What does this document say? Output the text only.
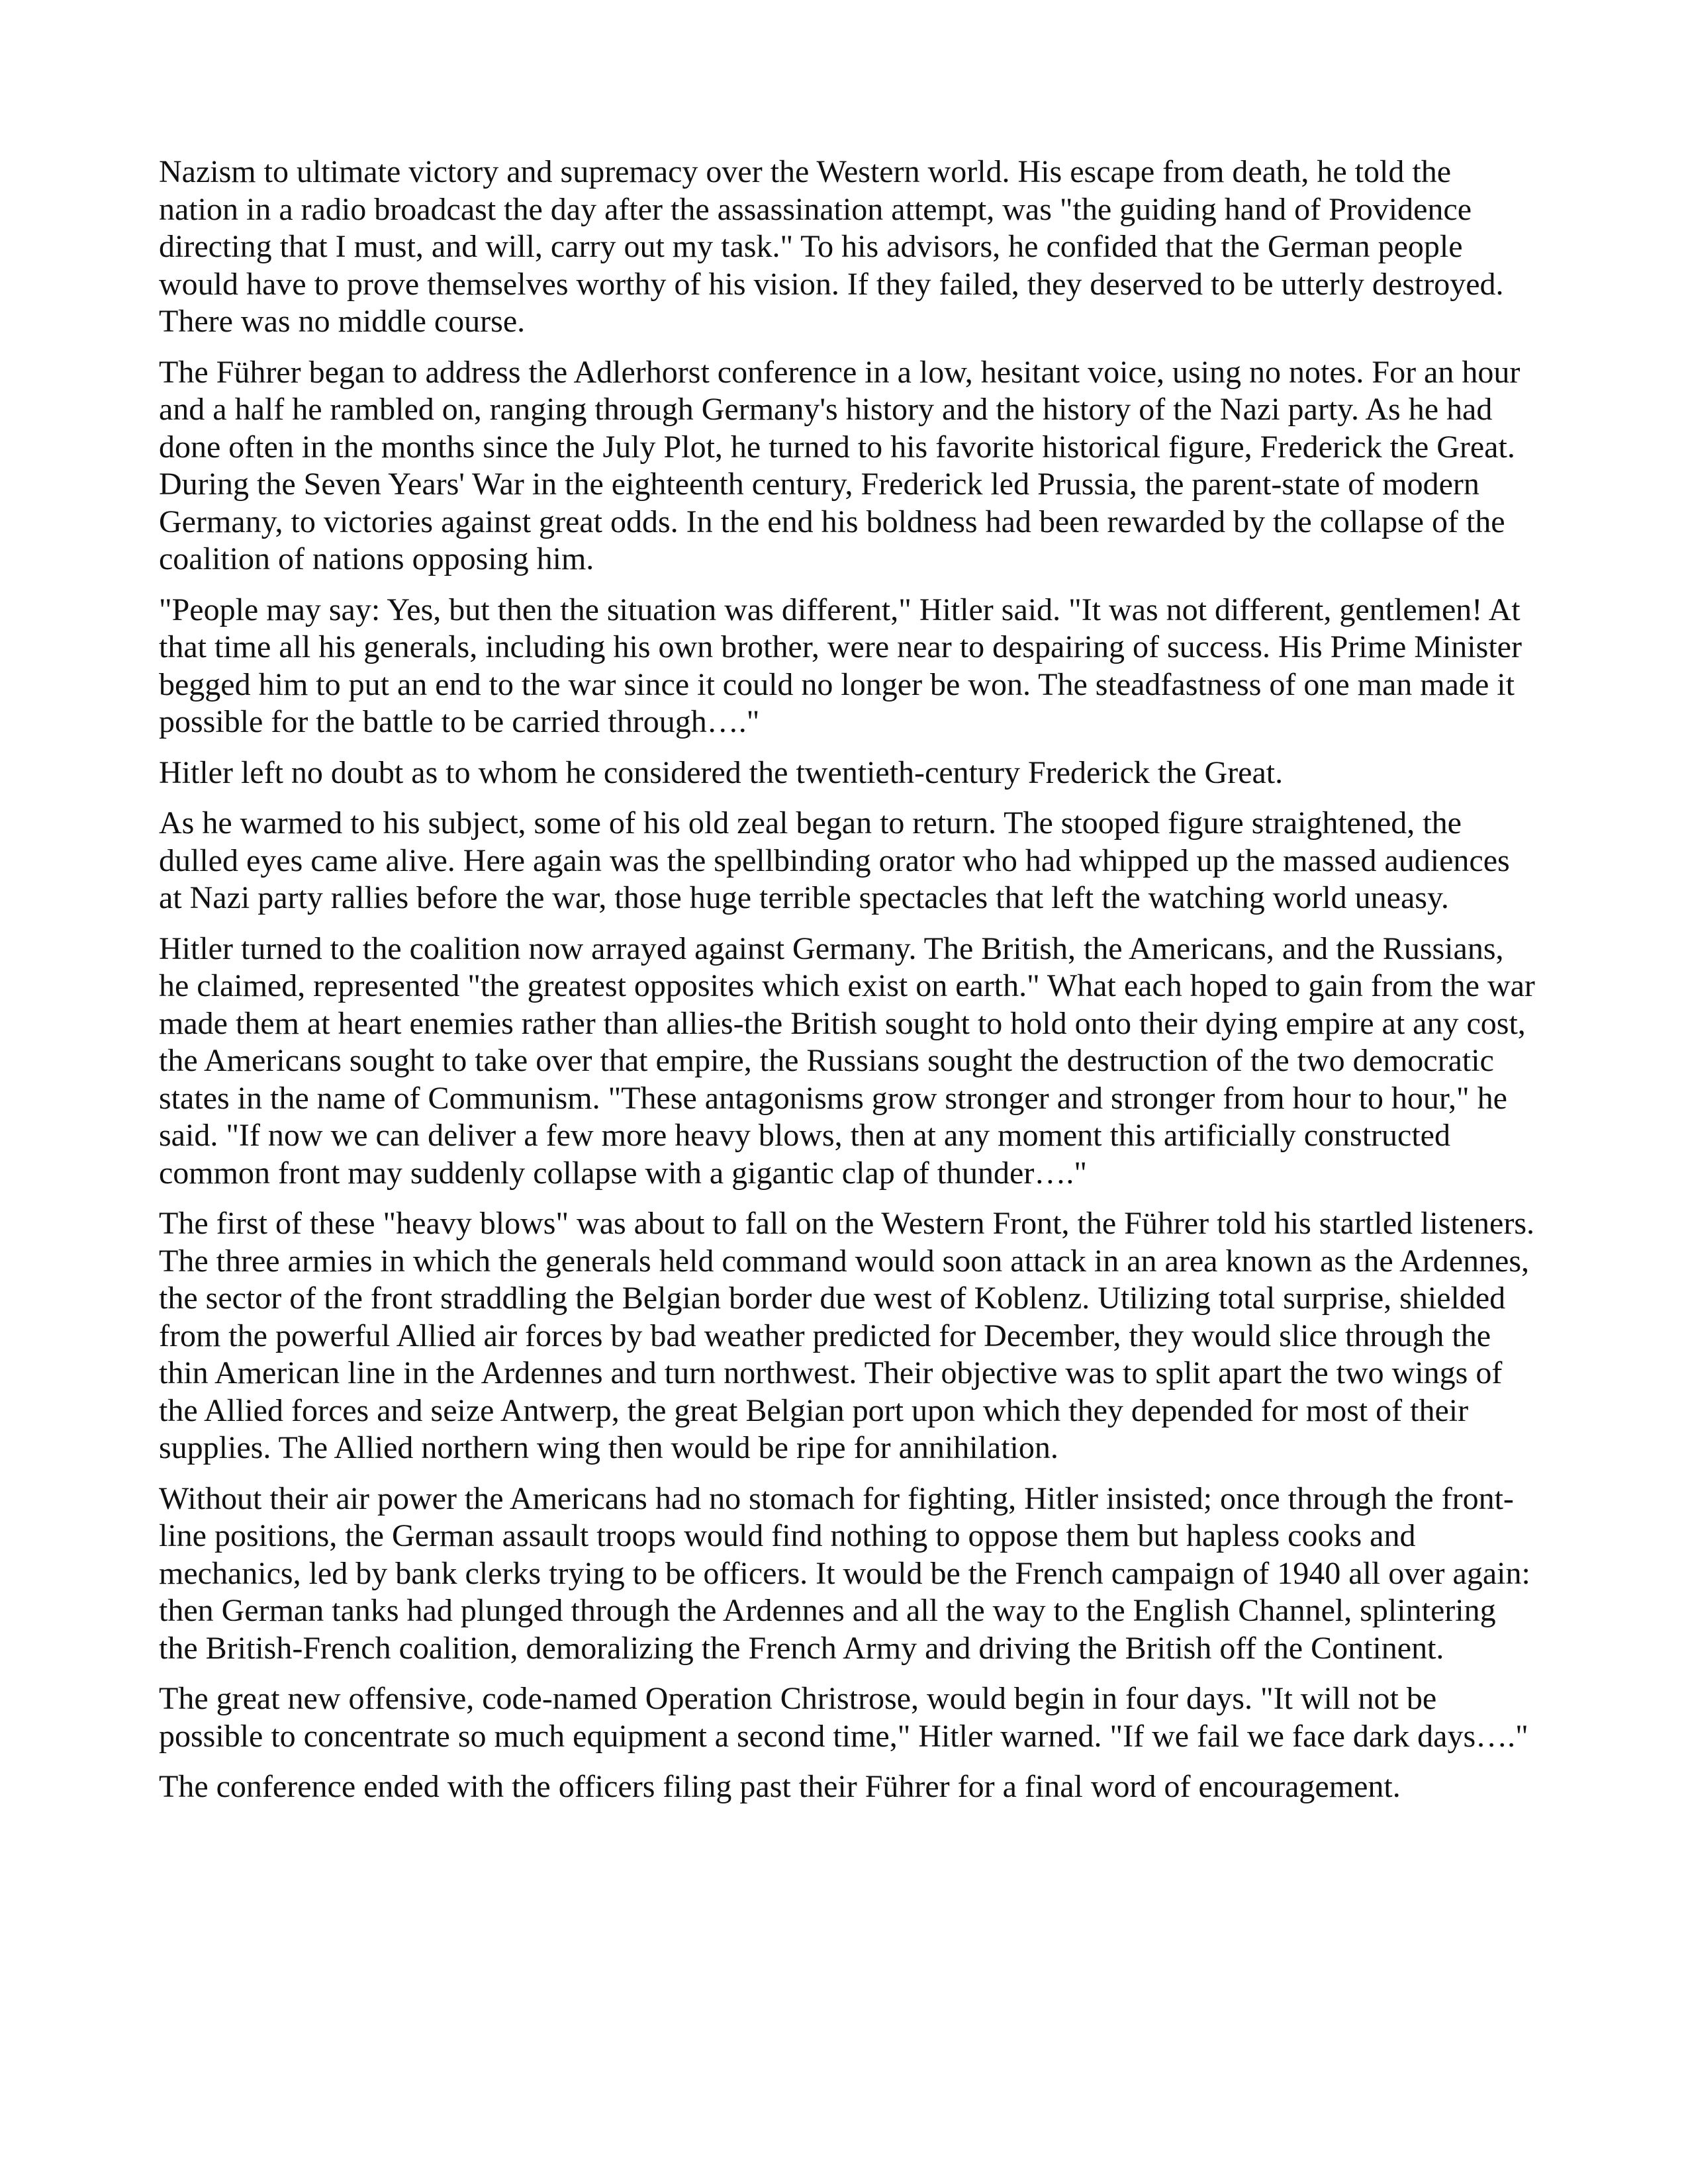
Nazism to ultimate victory and supremacy over the Western world. His escape from death, he told the nation in a radio broadcast the day after the assassination attempt, was "the guiding hand of Providence directing that I must, and will, carry out my task." To his advisors, he confided that the German people would have to prove themselves worthy of his vision. If they failed, they deserved to be utterly destroyed. There was no middle course.

The Führer began to address the Adlerhorst conference in a low, hesitant voice, using no notes. For an hour and a half he rambled on, ranging through Germany's history and the history of the Nazi party. As he had done often in the months since the July Plot, he turned to his favorite historical figure, Frederick the Great. During the Seven Years' War in the eighteenth century, Frederick led Prussia, the parent-state of modern Germany, to victories against great odds. In the end his boldness had been rewarded by the collapse of the coalition of nations opposing him.

"People may say: Yes, but then the situation was different," Hitler said. "It was not different, gentlemen! At that time all his generals, including his own brother, were near to despairing of success. His Prime Minister begged him to put an end to the war since it could no longer be won. The steadfastness of one man made it possible for the battle to be carried through…."

Hitler left no doubt as to whom he considered the twentieth-century Frederick the Great.

As he warmed to his subject, some of his old zeal began to return. The stooped figure straightened, the dulled eyes came alive. Here again was the spellbinding orator who had whipped up the massed audiences at Nazi party rallies before the war, those huge terrible spectacles that left the watching world uneasy.

Hitler turned to the coalition now arrayed against Germany. The British, the Americans, and the Russians, he claimed, represented "the greatest opposites which exist on earth." What each hoped to gain from the war made them at heart enemies rather than allies-the British sought to hold onto their dying empire at any cost, the Americans sought to take over that empire, the Russians sought the destruction of the two democratic states in the name of Communism. "These antagonisms grow stronger and stronger from hour to hour," he said. "If now we can deliver a few more heavy blows, then at any moment this artificially constructed common front may suddenly collapse with a gigantic clap of thunder…."

The first of these "heavy blows" was about to fall on the Western Front, the Führer told his startled listeners. The three armies in which the generals held command would soon attack in an area known as the Ardennes, the sector of the front straddling the Belgian border due west of Koblenz. Utilizing total surprise, shielded from the powerful Allied air forces by bad weather predicted for December, they would slice through the thin American line in the Ardennes and turn northwest. Their objective was to split apart the two wings of the Allied forces and seize Antwerp, the great Belgian port upon which they depended for most of their supplies. The Allied northern wing then would be ripe for annihilation.

Without their air power the Americans had no stomach for fighting, Hitler insisted; once through the front-line positions, the German assault troops would find nothing to oppose them but hapless cooks and mechanics, led by bank clerks trying to be officers. It would be the French campaign of 1940 all over again: then German tanks had plunged through the Ardennes and all the way to the English Channel, splintering the British-French coalition, demoralizing the French Army and driving the British off the Continent.

The great new offensive, code-named Operation Christrose, would begin in four days. "It will not be possible to concentrate so much equipment a second time," Hitler warned. "If we fail we face dark days…."

The conference ended with the officers filing past their Führer for a final word of encouragement.
